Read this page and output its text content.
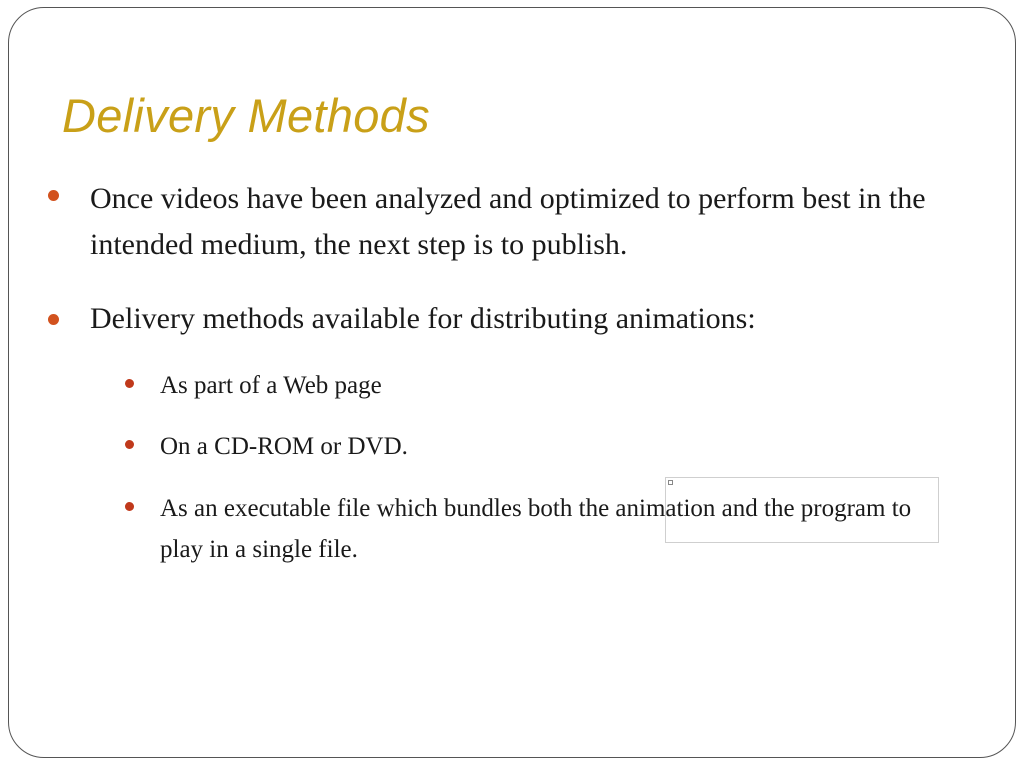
Delivery Methods
Once videos have been analyzed and optimized to perform best in the intended medium, the next step is to publish.
Delivery methods available for distributing animations:
As part of a Web page
On a CD-ROM or DVD.
As an executable file which bundles both the animation and the program to play in a single file.
